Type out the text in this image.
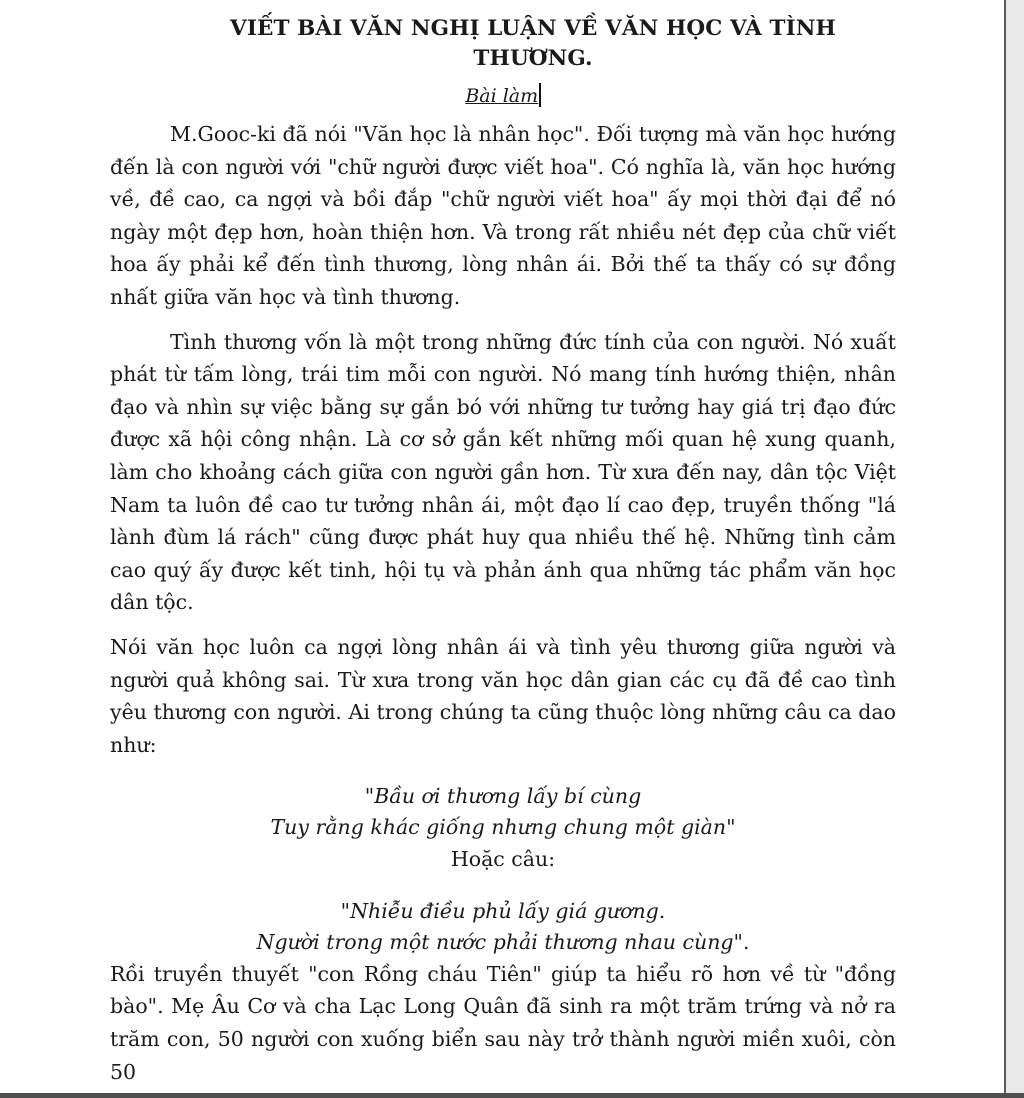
VIẾT BÀI VĂN NGHỊ LUẬN VỀ VĂN HỌC VÀ TÌNH THƯƠNG.
Bài làm

M.Gooc-ki đã nói "Văn học là nhân học". Đối tượng mà văn học hướng đến là con người với "chữ người được viết hoa". Có nghĩa là, văn học hướng về, đề cao, ca ngợi và bồi đắp "chữ người viết hoa" ấy mọi thời đại để nó ngày một đẹp hơn, hoàn thiện hơn. Và trong rất nhiều nét đẹp của chữ viết hoa ấy phải kể đến tình thương, lòng nhân ái. Bởi thế ta thấy có sự đồng nhất giữa văn học và tình thương.

Tình thương vốn là một trong những đức tính của con người. Nó xuất phát từ tấm lòng, trái tim mỗi con người. Nó mang tính hướng thiện, nhân đạo và nhìn sự việc bằng sự gắn bó với những tư tưởng hay giá trị đạo đức được xã hội công nhận. Là cơ sở gắn kết những mối quan hệ xung quanh, làm cho khoảng cách giữa con người gần hơn. Từ xưa đến nay, dân tộc Việt Nam ta luôn đề cao tư tưởng nhân ái, một đạo lí cao đẹp, truyền thống "lá lành đùm lá rách" cũng được phát huy qua nhiều thế hệ. Những tình cảm cao quý ấy được kết tinh, hội tụ và phản ánh qua những tác phẩm văn học dân tộc.

Nói văn học luôn ca ngợi lòng nhân ái và tình yêu thương giữa người và người quả không sai. Từ xưa trong văn học dân gian các cụ đã đề cao tình yêu thương con người. Ai trong chúng ta cũng thuộc lòng những câu ca dao như:

"Bầu ơi thương lấy bí cùng
Tuy rằng khác giống nhưng chung một giàn"
Hoặc câu:
"Nhiễu điều phủ lấy giá gương.
Người trong một nước phải thương nhau cùng".

Rồi truyền thuyết "con Rồng cháu Tiên" giúp ta hiểu rõ hơn về từ "đồng bào". Mẹ Âu Cơ và cha Lạc Long Quân đã sinh ra một trăm trứng và nở ra trăm con, 50 người con xuống biển sau này trở thành người miền xuôi, còn 50
